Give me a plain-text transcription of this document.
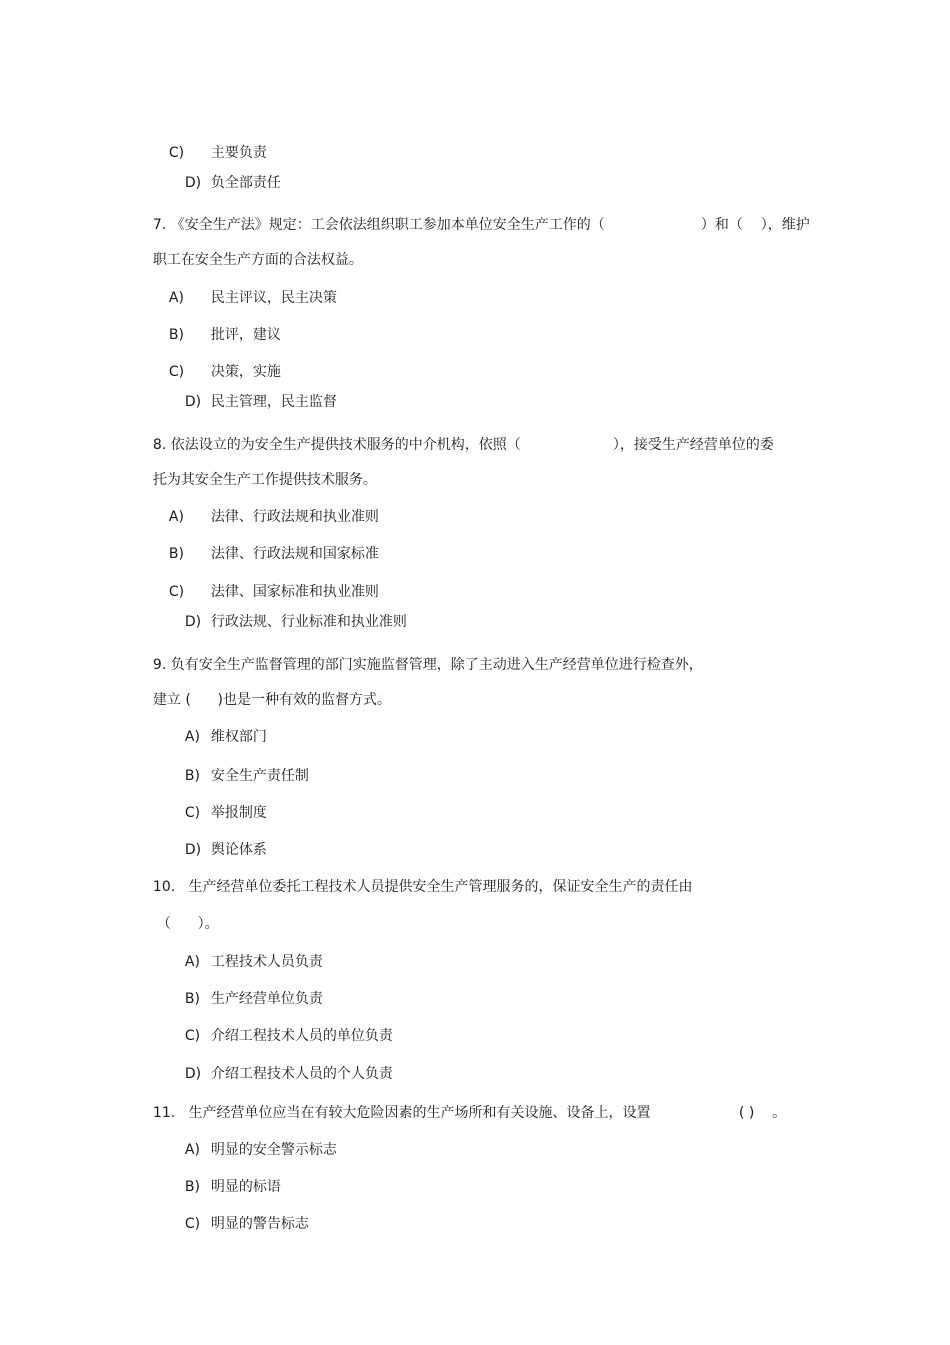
C) 主要负责

D) 负全部责任

7. 《安全生产法》规定：工会依法组织职工参加本单位安全生产工作的（	）和（    ），维护

职工在安全生产方面的合法权益。

A) 民主评议，民主决策

B) 批评，建议

C) 决策，实施

D) 民主管理，民主监督

8. 依法设立的为安全生产提供技术服务的中介机构，依照（	），接受生产经营单位的委

托为其安全生产工作提供技术服务。

A) 法律、行政法规和执业准则

B) 法律、行政法规和国家标准

C) 法律、国家标准和执业准则

D) 行政法规、行业标准和执业准则

9. 负有安全生产监督管理的部门实施监督管理，除了主动进入生产经营单位进行检查外，

建立 (      )也是一种有效的监督方式。

A) 维权部门

B) 安全生产责任制

C) 举报制度

D) 舆论体系

10.   生产经营单位委托工程技术人员提供安全生产管理服务的，保证安全生产的责任由

（      ）。

A) 工程技术人员负责

B) 生产经营单位负责

C) 介绍工程技术人员的单位负责

D) 介绍工程技术人员的个人负责

11.   生产经营单位应当在有较大危险因素的生产场所和有关设施、设备上，设置	( )    。

A) 明显的安全警示标志

B) 明显的标语

C) 明显的警告标志
